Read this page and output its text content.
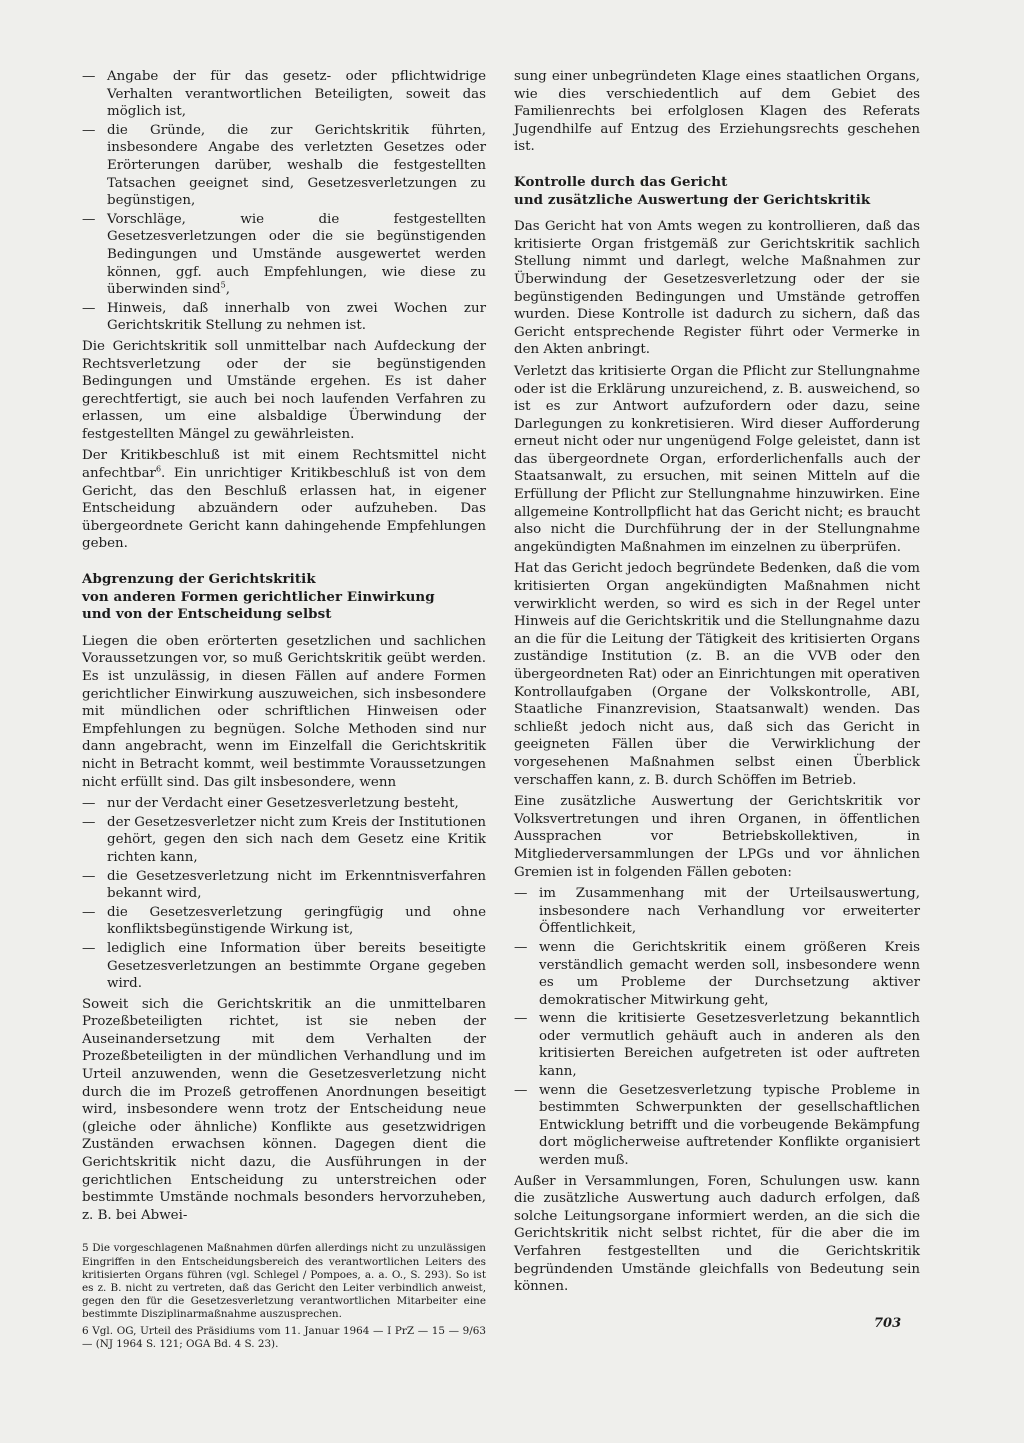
— Angabe der für das gesetz- oder pflichtwidrige Verhalten verantwortlichen Beteiligten, soweit das möglich ist,
— die Gründe, die zur Gerichtskritik führten, insbesondere Angabe des verletzten Gesetzes oder Erörterungen darüber, weshalb die festgestellten Tatsachen geeignet sind, Gesetzesverletzungen zu begünstigen,
— Vorschläge, wie die festgestellten Gesetzesverletzungen oder die sie begünstigenden Bedingungen und Umstände ausgewertet werden können, ggf. auch Empfehlungen, wie diese zu überwinden sind$^5$,
— Hinweis, daß innerhalb von zwei Wochen zur Gerichtskritik Stellung zu nehmen ist.

Die Gerichtskritik soll unmittelbar nach Aufdeckung der Rechtsverletzung oder der sie begünstigenden Bedingungen und Umstände ergehen. Es ist daher gerechtfertigt, sie auch bei noch laufenden Verfahren zu erlassen, um eine alsbaldige Überwindung der festgestellten Mängel zu gewährleisten.

Der Kritikbeschluß ist mit einem Rechtsmittel nicht anfechtbar$^6$. Ein unrichtiger Kritikbeschluß ist von dem Gericht, das den Beschluß erlassen hat, in eigener Entscheidung abzuändern oder aufzuheben. Das übergeordnete Gericht kann dahingehende Empfehlungen geben.

Abgrenzung der Gerichtskritik
von anderen Formen gerichtlicher Einwirkung
und von der Entscheidung selbst

Liegen die oben erörterten gesetzlichen und sachlichen Voraussetzungen vor, so muß Gerichtskritik geübt werden. Es ist unzulässig, in diesen Fällen auf andere Formen gerichtlicher Einwirkung auszuweichen, sich insbesondere mit mündlichen oder schriftlichen Hinweisen oder Empfehlungen zu begnügen. Solche Methoden sind nur dann angebracht, wenn im Einzelfall die Gerichtskritik nicht in Betracht kommt, weil bestimmte Voraussetzungen nicht erfüllt sind. Das gilt insbesondere, wenn

— nur der Verdacht einer Gesetzesverletzung besteht,
— der Gesetzesverletzer nicht zum Kreis der Institutionen gehört, gegen den sich nach dem Gesetz eine Kritik richten kann,
— die Gesetzesverletzung nicht im Erkenntnisverfahren bekannt wird,
— die Gesetzesverletzung geringfügig und ohne konfliktsbegünstigende Wirkung ist,
— lediglich eine Information über bereits beseitigte Gesetzesverletzungen an bestimmte Organe gegeben wird.

Soweit sich die Gerichtskritik an die unmittelbaren Prozeßbeteiligten richtet, ist sie neben der Auseinandersetzung mit dem Verhalten der Prozeßbeteiligten in der mündlichen Verhandlung und im Urteil anzuwenden, wenn die Gesetzesverletzung nicht durch die im Prozeß getroffenen Anordnungen beseitigt wird, insbesondere wenn trotz der Entscheidung neue (gleiche oder ähnliche) Konflikte aus gesetzwidrigen Zuständen erwachsen können. Dagegen dient die Gerichtskritik nicht dazu, die Ausführungen in der gerichtlichen Entscheidung zu unterstreichen oder bestimmte Umstände nochmals besonders hervorzuheben, z. B. bei Abwei-

5 Die vorgeschlagenen Maßnahmen dürfen allerdings nicht zu unzulässigen Eingriffen in den Entscheidungsbereich des verantwortlichen Leiters des kritisierten Organs führen (vgl. Schlegel / Pompoes, a. a. O., S. 293). So ist es z. B. nicht zu vertreten, daß das Gericht den Leiter verbindlich anweist, gegen den für die Gesetzesverletzung verantwortlichen Mitarbeiter eine bestimmte Disziplinarmaßnahme auszusprechen.

6 Vgl. OG, Urteil des Präsidiums vom 11. Januar 1964 — I PrZ — 15 — 9/63 — (NJ 1964 S. 121; OGA Bd. 4 S. 23).

sung einer unbegründeten Klage eines staatlichen Organs, wie dies verschiedentlich auf dem Gebiet des Familienrechts bei erfolglosen Klagen des Referats Jugendhilfe auf Entzug des Erziehungsrechts geschehen ist.

Kontrolle durch das Gericht
und zusätzliche Auswertung der Gerichtskritik

Das Gericht hat von Amts wegen zu kontrollieren, daß das kritisierte Organ fristgemäß zur Gerichtskritik sachlich Stellung nimmt und darlegt, welche Maßnahmen zur Überwindung der Gesetzesverletzung oder der sie begünstigenden Bedingungen und Umstände getroffen wurden. Diese Kontrolle ist dadurch zu sichern, daß das Gericht entsprechende Register führt oder Vermerke in den Akten anbringt.

Verletzt das kritisierte Organ die Pflicht zur Stellungnahme oder ist die Erklärung unzureichend, z. B. ausweichend, so ist es zur Antwort aufzufordern oder dazu, seine Darlegungen zu konkretisieren. Wird dieser Aufforderung erneut nicht oder nur ungenügend Folge geleistet, dann ist das übergeordnete Organ, erforderlichenfalls auch der Staatsanwalt, zu ersuchen, mit seinen Mitteln auf die Erfüllung der Pflicht zur Stellungnahme hinzuwirken. Eine allgemeine Kontrollpflicht hat das Gericht nicht; es braucht also nicht die Durchführung der in der Stellungnahme angekündigten Maßnahmen im einzelnen zu überprüfen.

Hat das Gericht jedoch begründete Bedenken, daß die vom kritisierten Organ angekündigten Maßnahmen nicht verwirklicht werden, so wird es sich in der Regel unter Hinweis auf die Gerichtskritik und die Stellungnahme dazu an die für die Leitung der Tätigkeit des kritisierten Organs zuständige Institution (z. B. an die VVB oder den übergeordneten Rat) oder an Einrichtungen mit operativen Kontrollaufgaben (Organe der Volkskontrolle, ABI, Staatliche Finanzrevision, Staatsanwalt) wenden. Das schließt jedoch nicht aus, daß sich das Gericht in geeigneten Fällen über die Verwirklichung der vorgesehenen Maßnahmen selbst einen Überblick verschaffen kann, z. B. durch Schöffen im Betrieb.

Eine zusätzliche Auswertung der Gerichtskritik vor Volksvertretungen und ihren Organen, in öffentlichen Aussprachen vor Betriebskollektiven, in Mitgliederversammlungen der LPGs und vor ähnlichen Gremien ist in folgenden Fällen geboten:

— im Zusammenhang mit der Urteilsauswertung, insbesondere nach Verhandlung vor erweiterter Öffentlichkeit,
— wenn die Gerichtskritik einem größeren Kreis verständlich gemacht werden soll, insbesondere wenn es um Probleme der Durchsetzung aktiver demokratischer Mitwirkung geht,
— wenn die kritisierte Gesetzesverletzung bekanntlich oder vermutlich gehäuft auch in anderen als den kritisierten Bereichen aufgetreten ist oder auftreten kann,
— wenn die Gesetzesverletzung typische Probleme in bestimmten Schwerpunkten der gesellschaftlichen Entwicklung betrifft und die vorbeugende Bekämpfung dort möglicherweise auftretender Konflikte organisiert werden muß.

Außer in Versammlungen, Foren, Schulungen usw. kann die zusätzliche Auswertung auch dadurch erfolgen, daß solche Leitungsorgane informiert werden, an die sich die Gerichtskritik nicht selbst richtet, für die aber die im Verfahren festgestellten und die Gerichtskritik begründenden Umstände gleichfalls von Bedeutung sein können.

703
